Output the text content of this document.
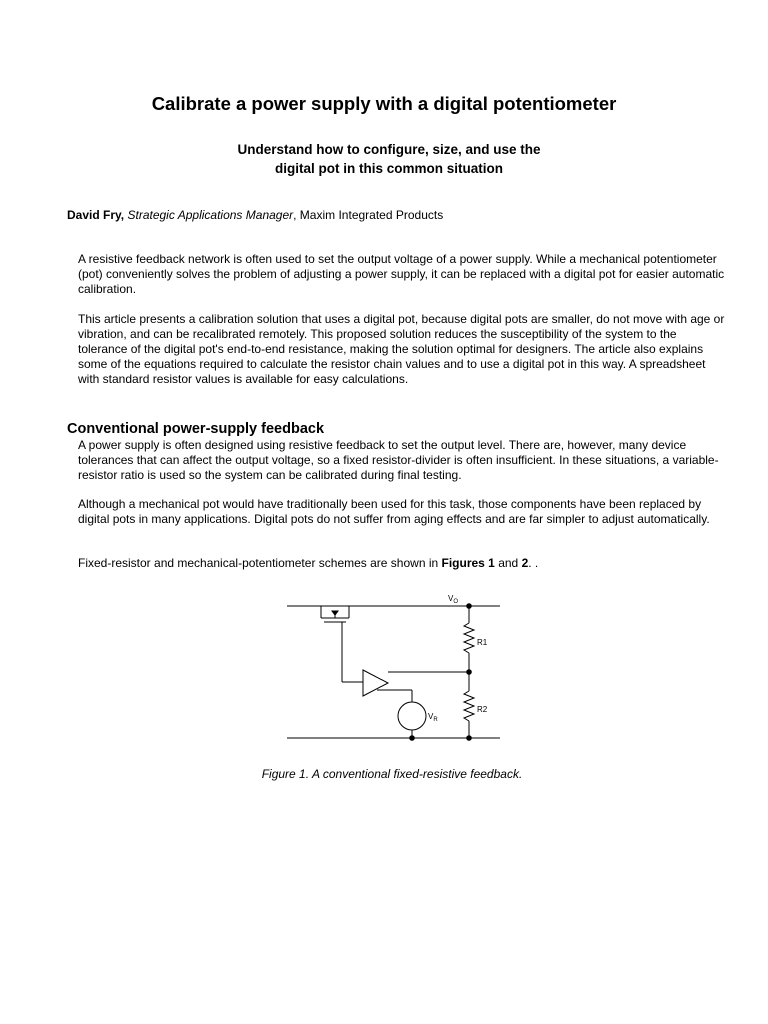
Calibrate a power supply with a digital potentiometer
Understand how to configure, size, and use the
digital pot in this common situation
David Fry, Strategic Applications Manager, Maxim Integrated Products

A resistive feedback network is often used to set the output voltage of a power supply. While a mechanical potentiometer (pot) conveniently solves the problem of adjusting a power supply, it can be replaced with a digital pot for easier automatic calibration.

This article presents a calibration solution that uses a digital pot, because digital pots are smaller, do not move with age or vibration, and can be recalibrated remotely. This proposed solution reduces the susceptibility of the system to the tolerance of the digital pot's end-to-end resistance, making the solution optimal for designers. The article also explains some of the equations required to calculate the resistor chain values and to use a digital pot in this way. A spreadsheet with standard resistor values is available for easy calculations.

Conventional power-supply feedback

A power supply is often designed using resistive feedback to set the output level. There are, however, many device tolerances that can affect the output voltage, so a fixed resistor-divider is often insufficient. In these situations, a variable-resistor ratio is used so the system can be calibrated during final testing.

Although a mechanical pot would have traditionally been used for this task, those components have been replaced by digital pots in many applications. Digital pots do not suffer from aging effects and are far simpler to adjust automatically.

Fixed-resistor and mechanical-potentiometer schemes are shown in Figures 1 and 2. .

$V_O$
R1
R2
$V_R$
Figure 1. A conventional fixed-resistive feedback.
